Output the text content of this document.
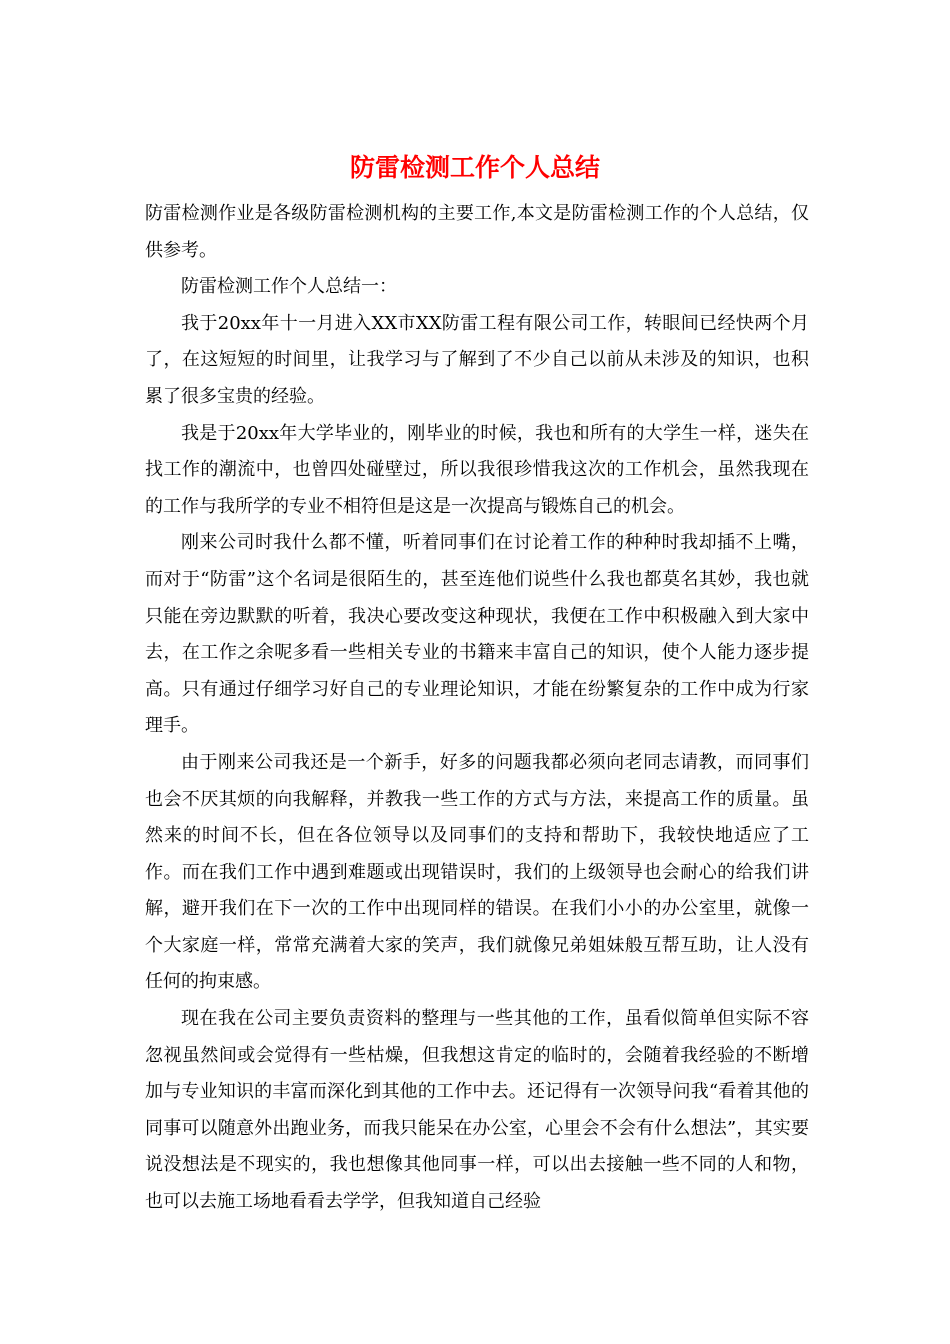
防雷检测工作个人总结

防雷检测作业是各级防雷检测机构的主要工作,本文是防雷检测工作的个人总结，仅供参考。

防雷检测工作个人总结一：

我于20xx年十一月进入XX市XX防雷工程有限公司工作，转眼间已经快两个月了，在这短短的时间里，让我学习与了解到了不少自己以前从未涉及的知识，也积累了很多宝贵的经验。

我是于20xx年大学毕业的，刚毕业的时候，我也和所有的大学生一样，迷失在找工作的潮流中，也曾四处碰壁过，所以我很珍惜我这次的工作机会，虽然我现在的工作与我所学的专业不相符但是这是一次提高与锻炼自己的机会。

刚来公司时我什么都不懂，听着同事们在讨论着工作的种种时我却插不上嘴，而对于“防雷”这个名词是很陌生的，甚至连他们说些什么我也都莫名其妙，我也就只能在旁边默默的听着，我决心要改变这种现状，我便在工作中积极融入到大家中去，在工作之余呢多看一些相关专业的书籍来丰富自己的知识，使个人能力逐步提高。只有通过仔细学习好自己的专业理论知识，才能在纷繁复杂的工作中成为行家理手。

由于刚来公司我还是一个新手，好多的问题我都必须向老同志请教，而同事们也会不厌其烦的向我解释，并教我一些工作的方式与方法，来提高工作的质量。虽然来的时间不长，但在各位领导以及同事们的支持和帮助下，我较快地适应了工作。而在我们工作中遇到难题或出现错误时，我们的上级领导也会耐心的给我们讲解，避开我们在下一次的工作中出现同样的错误。在我们小小的办公室里，就像一个大家庭一样，常常充满着大家的笑声，我们就像兄弟姐妹般互帮互助，让人没有任何的拘束感。

现在我在公司主要负责资料的整理与一些其他的工作，虽看似简单但实际不容忽视虽然间或会觉得有一些枯燥，但我想这肯定的临时的，会随着我经验的不断增加与专业知识的丰富而深化到其他的工作中去。还记得有一次领导问我“看着其他的同事可以随意外出跑业务，而我只能呆在办公室，心里会不会有什么想法”，其实要说没想法是不现实的，我也想像其他同事一样，可以出去接触一些不同的人和物，也可以去施工场地看看去学学，但我知道自己经验
